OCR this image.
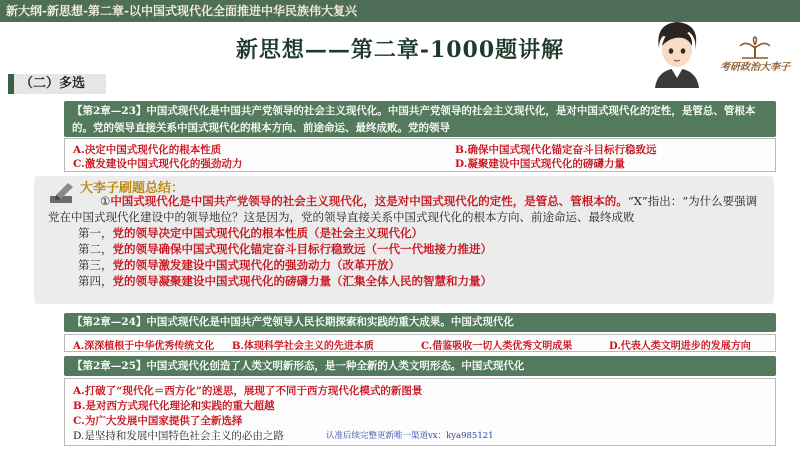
新大纲-新思想-第二章-以中国式现代化全面推进中华民族伟大复兴
新思想——第二章-1000题讲解
考研政治大李子
（二）多选
【第2章—23】中国式现代化是中国共产党领导的社会主义现代化。中国共产党领导的社会主义现代化，是对中国式现代化的定性，是管总、管根本的。党的领导直接关系中国式现代化的根本方向、前途命运、最终成败。党的领导
A.决定中国式现代化的根本性质	B.确保中国式现代化锚定奋斗目标行稳致远
C.激发建设中国式现代化的强劲动力	D.凝聚建设中国式现代化的磅礴力量
大李子刷题总结：
①中国式现代化是中国共产党领导的社会主义现代化，这是对中国式现代化的定性，是管总、管根本的。“X”指出：“为什么要强调党在中国式现代化建设中的领导地位？这是因为，党的领导直接关系中国式现代化的根本方向、前途命运、最终成败
第一，党的领导决定中国式现代化的根本性质（是社会主义现代化）
第二，党的领导确保中国式现代化锚定奋斗目标行稳致远（一代一代地接力推进）
第三，党的领导激发建设中国式现代化的强劲动力（改革开放）
第四，党的领导凝聚建设中国式现代化的磅礴力量（汇集全体人民的智慧和力量）
【第2章—24】中国式现代化是中国共产党领导人民长期探索和实践的重大成果。中国式现代化
A.深深植根于中华优秀传统文化 B.体现科学社会主义的先进本质	C.借鉴吸收一切人类优秀文明成果	D.代表人类文明进步的发展方向
【第2章—25】中国式现代化创造了人类文明新形态，是一种全新的人类文明形态。中国式现代化
A.打破了“现代化＝西方化”的迷思，展现了不同于西方现代化模式的新图景
B.是对西方式现代化理论和实践的重大超越
C.为广大发展中国家提供了全新选择
D.是坚持和发展中国特色社会主义的必由之路	认准后续完整更新唯一渠道vx：kya985121
